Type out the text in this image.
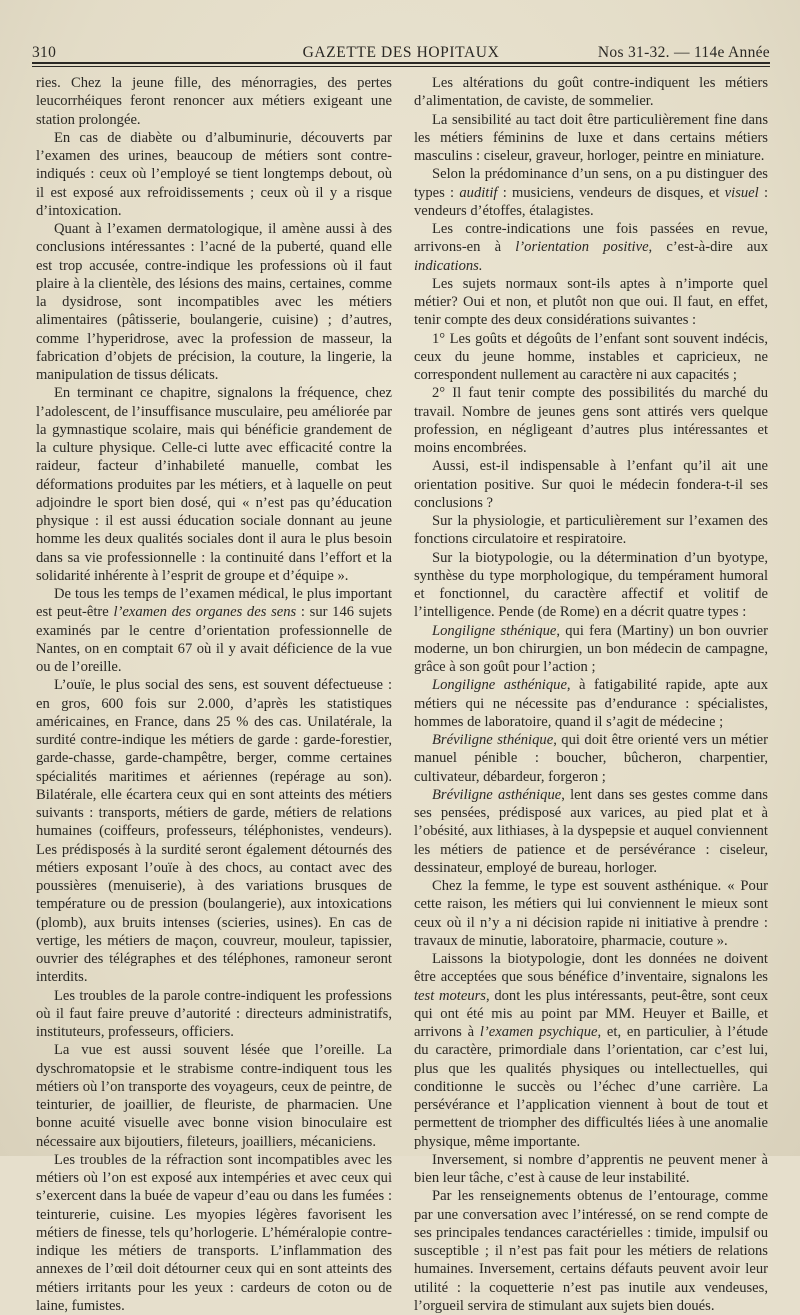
310	GAZETTE DES HOPITAUX	Nos 31-32. — 114e Année

ries. Chez la jeune fille, des ménorragies, des pertes leucorrhéiques feront renoncer aux métiers exigeant une station prolongée.

En cas de diabète ou d’albuminurie, découverts par l’examen des urines, beaucoup de métiers sont contre-indiqués : ceux où l’employé se tient longtemps debout, où il est exposé aux refroidissements ; ceux où il y a risque d’intoxication.

Quant à l’examen dermatologique, il amène aussi à des conclusions intéressantes : l’acné de la puberté, quand elle est trop accusée, contre-indique les professions où il faut plaire à la clientèle, des lésions des mains, certaines, comme la dysidrose, sont incompatibles avec les métiers alimentaires (pâtisserie, boulangerie, cuisine) ; d’autres, comme l’hyperidrose, avec la profession de masseur, la fabrication d’objets de précision, la couture, la lingerie, la manipulation de tissus délicats.

En terminant ce chapitre, signalons la fréquence, chez l’adolescent, de l’insuffisance musculaire, peu améliorée par la gymnastique scolaire, mais qui bénéficie grandement de la culture physique. Celle-ci lutte avec efficacité contre la raideur, facteur d’inhabileté manuelle, combat les déformations produites par les métiers, et à laquelle on peut adjoindre le sport bien dosé, qui « n’est pas qu’éducation physique : il est aussi éducation sociale donnant au jeune homme les deux qualités sociales dont il aura le plus besoin dans sa vie professionnelle : la continuité dans l’effort et la solidarité inhérente à l’esprit de groupe et d’équipe ».

De tous les temps de l’examen médical, le plus important est peut-être l’examen des organes des sens : sur 146 sujets examinés par le centre d’orientation professionnelle de Nantes, on en comptait 67 où il y avait déficience de la vue ou de l’oreille.

L’ouïe, le plus social des sens, est souvent défectueuse : en gros, 600 fois sur 2.000, d’après les statistiques américaines, en France, dans 25 % des cas. Unilatérale, la surdité contre-indique les métiers de garde : garde-forestier, garde-chasse, garde-champêtre, berger, comme certaines spécialités maritimes et aériennes (repérage au son). Bilatérale, elle écartera ceux qui en sont atteints des métiers suivants : transports, métiers de garde, métiers de relations humaines (coiffeurs, professeurs, téléphonistes, vendeurs). Les prédisposés à la surdité seront également détournés des métiers exposant l’ouïe à des chocs, au contact avec des poussières (menuiserie), à des variations brusques de température ou de pression (boulangerie), aux intoxications (plomb), aux bruits intenses (scieries, usines). En cas de vertige, les métiers de maçon, couvreur, mouleur, tapissier, ouvrier des télégraphes et des téléphones, ramoneur seront interdits.

Les troubles de la parole contre-indiquent les professions où il faut faire preuve d’autorité : directeurs administratifs, instituteurs, professeurs, officiers.

La vue est aussi souvent lésée que l’oreille. La dyschromatopsie et le strabisme contre-indiquent tous les métiers où l’on transporte des voyageurs, ceux de peintre, de teinturier, de joaillier, de fleuriste, de pharmacien. Une bonne acuité visuelle avec bonne vision binoculaire est nécessaire aux bijoutiers, fileteurs, joailliers, mécaniciens.

Les troubles de la réfraction sont incompatibles avec les métiers où l’on est exposé aux intempéries et avec ceux qui s’exercent dans la buée de vapeur d’eau ou dans les fumées : teinturerie, cuisine. Les myopies légères favorisent les métiers de finesse, tels qu’horlogerie. L’héméralopie contre-indique les métiers de transports. L’inflammation des annexes de l’œil doit détourner ceux qui en sont atteints des métiers irritants pour les yeux : cardeurs de coton ou de laine, fumistes.

Les altérations du goût contre-indiquent les métiers d’alimentation, de caviste, de sommelier.

La sensibilité au tact doit être particulièrement fine dans les métiers féminins de luxe et dans certains métiers masculins : ciseleur, graveur, horloger, peintre en miniature.

Selon la prédominance d’un sens, on a pu distinguer des types : auditif : musiciens, vendeurs de disques, et visuel : vendeurs d’étoffes, étalagistes.

Les contre-indications une fois passées en revue, arrivons-en à l’orientation positive, c’est-à-dire aux indications.

Les sujets normaux sont-ils aptes à n’importe quel métier? Oui et non, et plutôt non que oui. Il faut, en effet, tenir compte des deux considérations suivantes :

1° Les goûts et dégoûts de l’enfant sont souvent indécis, ceux du jeune homme, instables et capricieux, ne correspondent nullement au caractère ni aux capacités ;

2° Il faut tenir compte des possibilités du marché du travail. Nombre de jeunes gens sont attirés vers quelque profession, en négligeant d’autres plus intéressantes et moins encombrées.

Aussi, est-il indispensable à l’enfant qu’il ait une orientation positive. Sur quoi le médecin fondera-t-il ses conclusions ?

Sur la physiologie, et particulièrement sur l’examen des fonctions circulatoire et respiratoire.

Sur la biotypologie, ou la détermination d’un byotype, synthèse du type morphologique, du tempérament humoral et fonctionnel, du caractère affectif et volitif de l’intelligence. Pende (de Rome) en a décrit quatre types :

Longiligne sthénique, qui fera (Martiny) un bon ouvrier moderne, un bon chirurgien, un bon médecin de campagne, grâce à son goût pour l’action ;

Longiligne asthénique, à fatigabilité rapide, apte aux métiers qui ne nécessite pas d’endurance : spécialistes, hommes de laboratoire, quand il s’agit de médecine ;

Bréviligne sthénique, qui doit être orienté vers un métier manuel pénible : boucher, bûcheron, charpentier, cultivateur, débardeur, forgeron ;

Bréviligne asthénique, lent dans ses gestes comme dans ses pensées, prédisposé aux varices, au pied plat et à l’obésité, aux lithiases, à la dyspepsie et auquel conviennent les métiers de patience et de persévérance : ciseleur, dessinateur, employé de bureau, horloger.

Chez la femme, le type est souvent asthénique. « Pour cette raison, les métiers qui lui conviennent le mieux sont ceux où il n’y a ni décision rapide ni initiative à prendre : travaux de minutie, laboratoire, pharmacie, couture ».

Laissons la biotypologie, dont les données ne doivent être acceptées que sous bénéfice d’inventaire, signalons les test moteurs, dont les plus intéressants, peut-être, sont ceux qui ont été mis au point par MM. Heuyer et Baille, et arrivons à l’examen psychique, et, en particulier, à l’étude du caractère, primordiale dans l’orientation, car c’est lui, plus que les qualités physiques ou intellectuelles, qui conditionne le succès ou l’échec d’une carrière. La persévérance et l’application viennent à bout de tout et permettent de triompher des difficultés liées à une anomalie physique, même importante.

Inversement, si nombre d’apprentis ne peuvent mener à bien leur tâche, c’est à cause de leur instabilité.

Par les renseignements obtenus de l’entourage, comme par une conversation avec l’intéressé, on se rend compte de ses principales tendances caractérielles : timide, impulsif ou susceptible ; il n’est pas fait pour les métiers de relations humaines. Inversement, certains défauts peuvent avoir leur utilité : la coquetterie n’est pas inutile aux vendeuses, l’orgueil servira de stimulant aux sujets bien doués.
